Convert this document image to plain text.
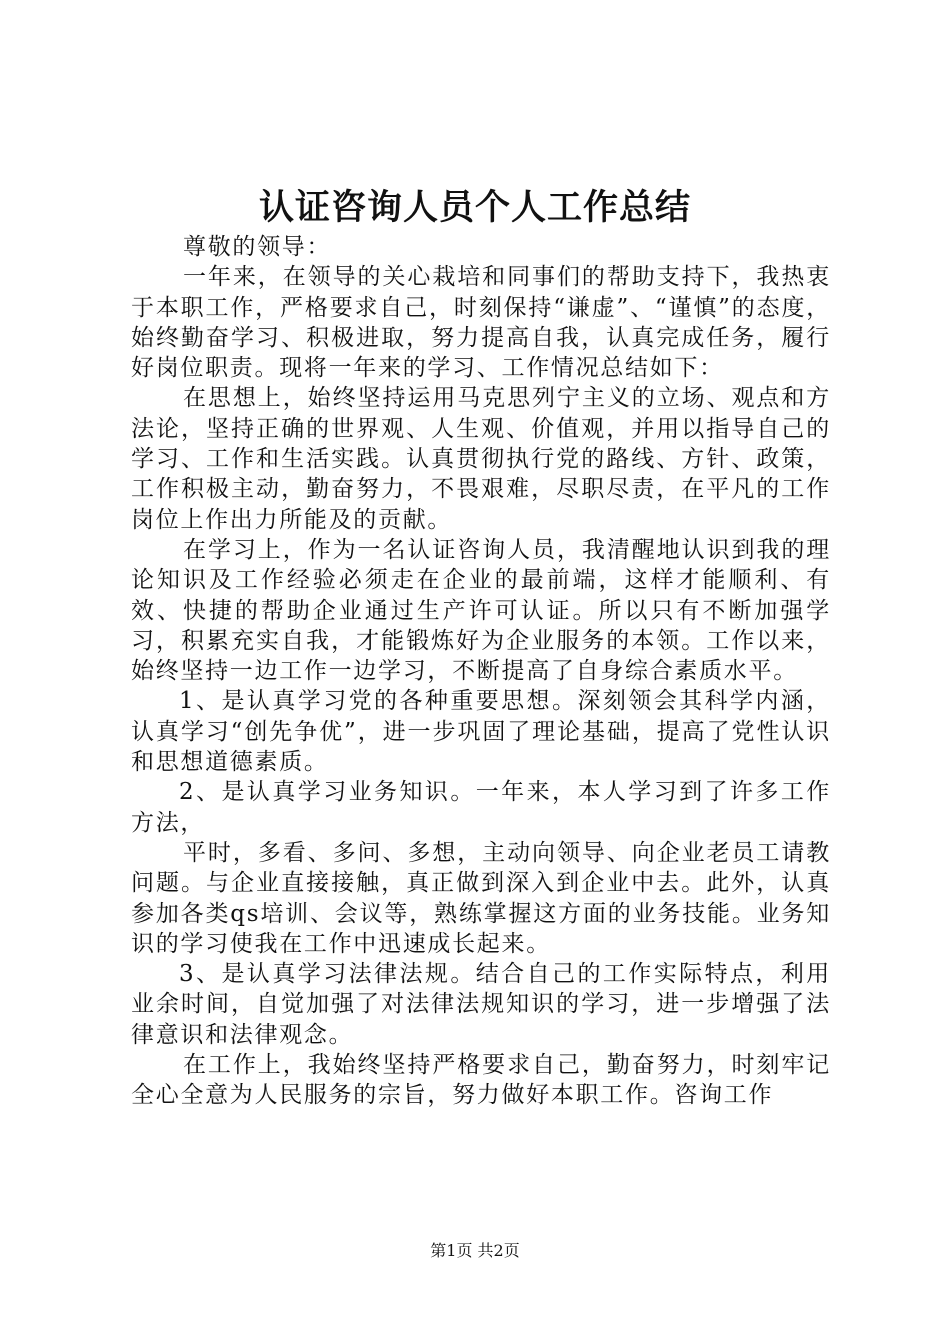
认证咨询人员个人工作总结

尊敬的领导：

一年来，在领导的关心栽培和同事们的帮助支持下，我热衷于本职工作，严格要求自己，时刻保持“谦虚”、“谨慎”的态度，始终勤奋学习、积极进取，努力提高自我，认真完成任务，履行好岗位职责。现将一年来的学习、工作情况总结如下：

在思想上，始终坚持运用马克思列宁主义的立场、观点和方法论，坚持正确的世界观、人生观、价值观，并用以指导自己的学习、工作和生活实践。认真贯彻执行党的路线、方针、政策，工作积极主动，勤奋努力，不畏艰难，尽职尽责，在平凡的工作岗位上作出力所能及的贡献。

在学习上，作为一名认证咨询人员，我清醒地认识到我的理论知识及工作经验必须走在企业的最前端，这样才能顺利、有效、快捷的帮助企业通过生产许可认证。所以只有不断加强学习，积累充实自我，才能锻炼好为企业服务的本领。工作以来，始终坚持一边工作一边学习，不断提高了自身综合素质水平。

1、是认真学习党的各种重要思想。深刻领会其科学内涵，认真学习“创先争优”，进一步巩固了理论基础，提高了党性认识和思想道德素质。

2、是认真学习业务知识。一年来，本人学习到了许多工作方法，

平时，多看、多问、多想，主动向领导、向企业老员工请教问题。与企业直接接触，真正做到深入到企业中去。此外，认真参加各类qs培训、会议等，熟练掌握这方面的业务技能。业务知识的学习使我在工作中迅速成长起来。

3、是认真学习法律法规。结合自己的工作实际特点，利用业余时间，自觉加强了对法律法规知识的学习，进一步增强了法律意识和法律观念。

在工作上，我始终坚持严格要求自己，勤奋努力，时刻牢记全心全意为人民服务的宗旨，努力做好本职工作。咨询工作

第1页 共2页
